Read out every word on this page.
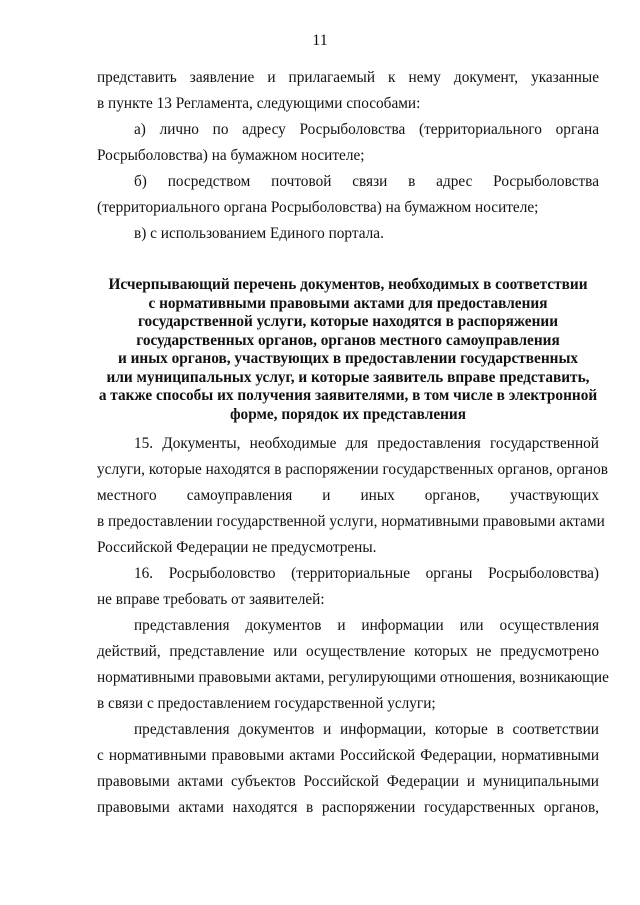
11
представить заявление и прилагаемый к нему документ, указанные
в пункте 13 Регламента, следующими способами:
а) лично по адресу Росрыболовства (территориального органа
Росрыболовства) на бумажном носителе;
б) посредством почтовой связи в адрес Росрыболовства
(территориального органа Росрыболовства) на бумажном носителе;
в) с использованием Единого портала.
Исчерпывающий перечень документов, необходимых в соответствии
с нормативными правовыми актами для предоставления
государственной услуги, которые находятся в распоряжении
государственных органов, органов местного самоуправления
и иных органов, участвующих в предоставлении государственных
или муниципальных услуг, и которые заявитель вправе представить,
а также способы их получения заявителями, в том числе в электронной
форме, порядок их представления
15. Документы, необходимые для предоставления государственной
услуги, которые находятся в распоряжении государственных органов, органов
местного самоуправления и иных органов, участвующих
в предоставлении государственной услуги, нормативными правовыми актами
Российской Федерации не предусмотрены.
16. Росрыболовство (территориальные органы Росрыболовства)
не вправе требовать от заявителей:
представления документов и информации или осуществления
действий, представление или осуществление которых не предусмотрено
нормативными правовыми актами, регулирующими отношения, возникающие
в связи с предоставлением государственной услуги;
представления документов и информации, которые в соответствии
с нормативными правовыми актами Российской Федерации, нормативными
правовыми актами субъектов Российской Федерации и муниципальными
правовыми актами находятся в распоряжении государственных органов,
